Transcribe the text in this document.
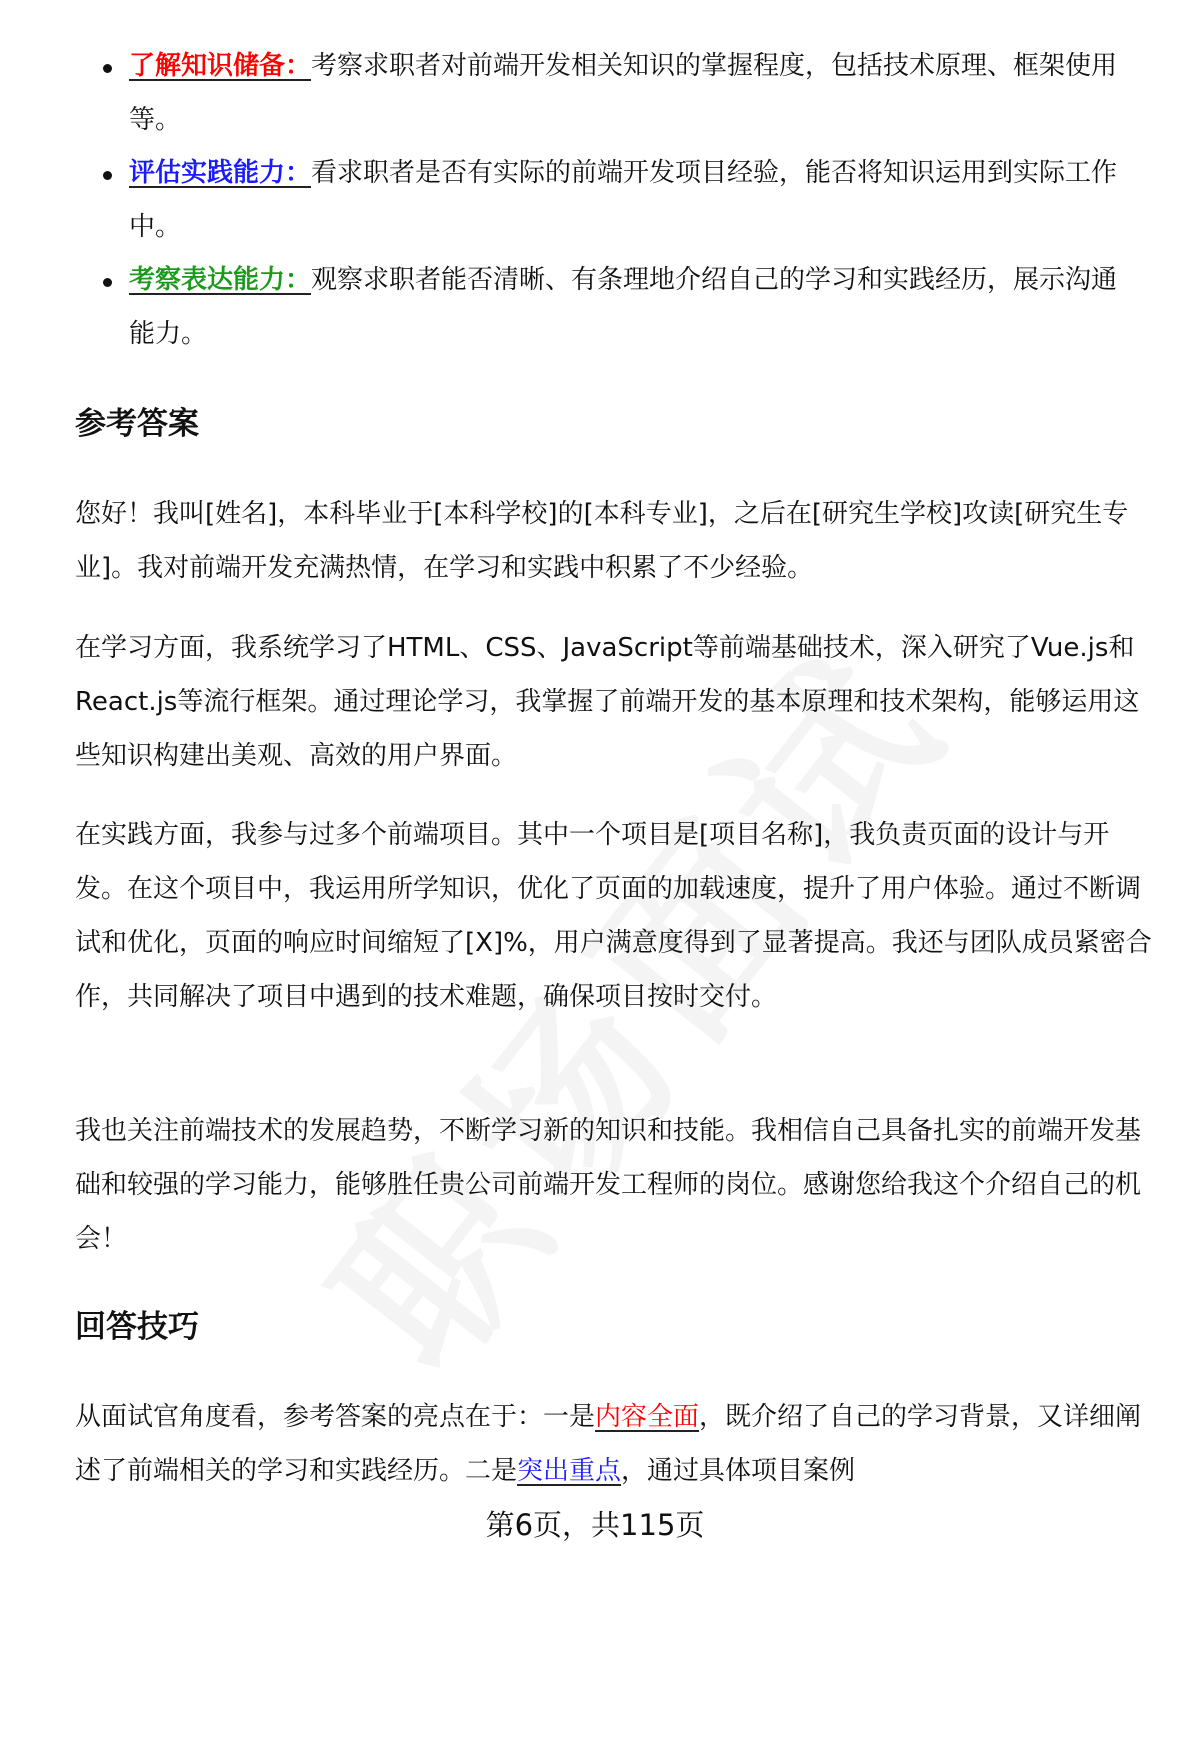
了解知识储备：考察求职者对前端开发相关知识的掌握程度，包括技术原理、框架使用等。
评估实践能力：看求职者是否有实际的前端开发项目经验，能否将知识运用到实际工作中。
考察表达能力：观察求职者能否清晰、有条理地介绍自己的学习和实践经历，展示沟通能力。
参考答案

您好！我叫[姓名]，本科毕业于[本科学校]的[本科专业]，之后在[研究生学校]攻读[研究生专业]。我对前端开发充满热情，在学习和实践中积累了不少经验。

在学习方面，我系统学习了HTML、CSS、JavaScript等前端基础技术，深入研究了Vue.js和React.js等流行框架。通过理论学习，我掌握了前端开发的基本原理和技术架构，能够运用这些知识构建出美观、高效的用户界面。

在实践方面，我参与过多个前端项目。其中一个项目是[项目名称]，我负责页面的设计与开发。在这个项目中，我运用所学知识，优化了页面的加载速度，提升了用户体验。通过不断调试和优化，页面的响应时间缩短了[X]%，用户满意度得到了显著提高。我还与团队成员紧密合作，共同解决了项目中遇到的技术难题，确保项目按时交付。

我也关注前端技术的发展趋势，不断学习新的知识和技能。我相信自己具备扎实的前端开发基础和较强的学习能力，能够胜任贵公司前端开发工程师的岗位。感谢您给我这个介绍自己的机会！

回答技巧

从面试官角度看，参考答案的亮点在于：一是内容全面，既介绍了自己的学习背景，又详细阐述了前端相关的学习和实践经历。二是突出重点，通过具体项目案例

第6页，共115页
